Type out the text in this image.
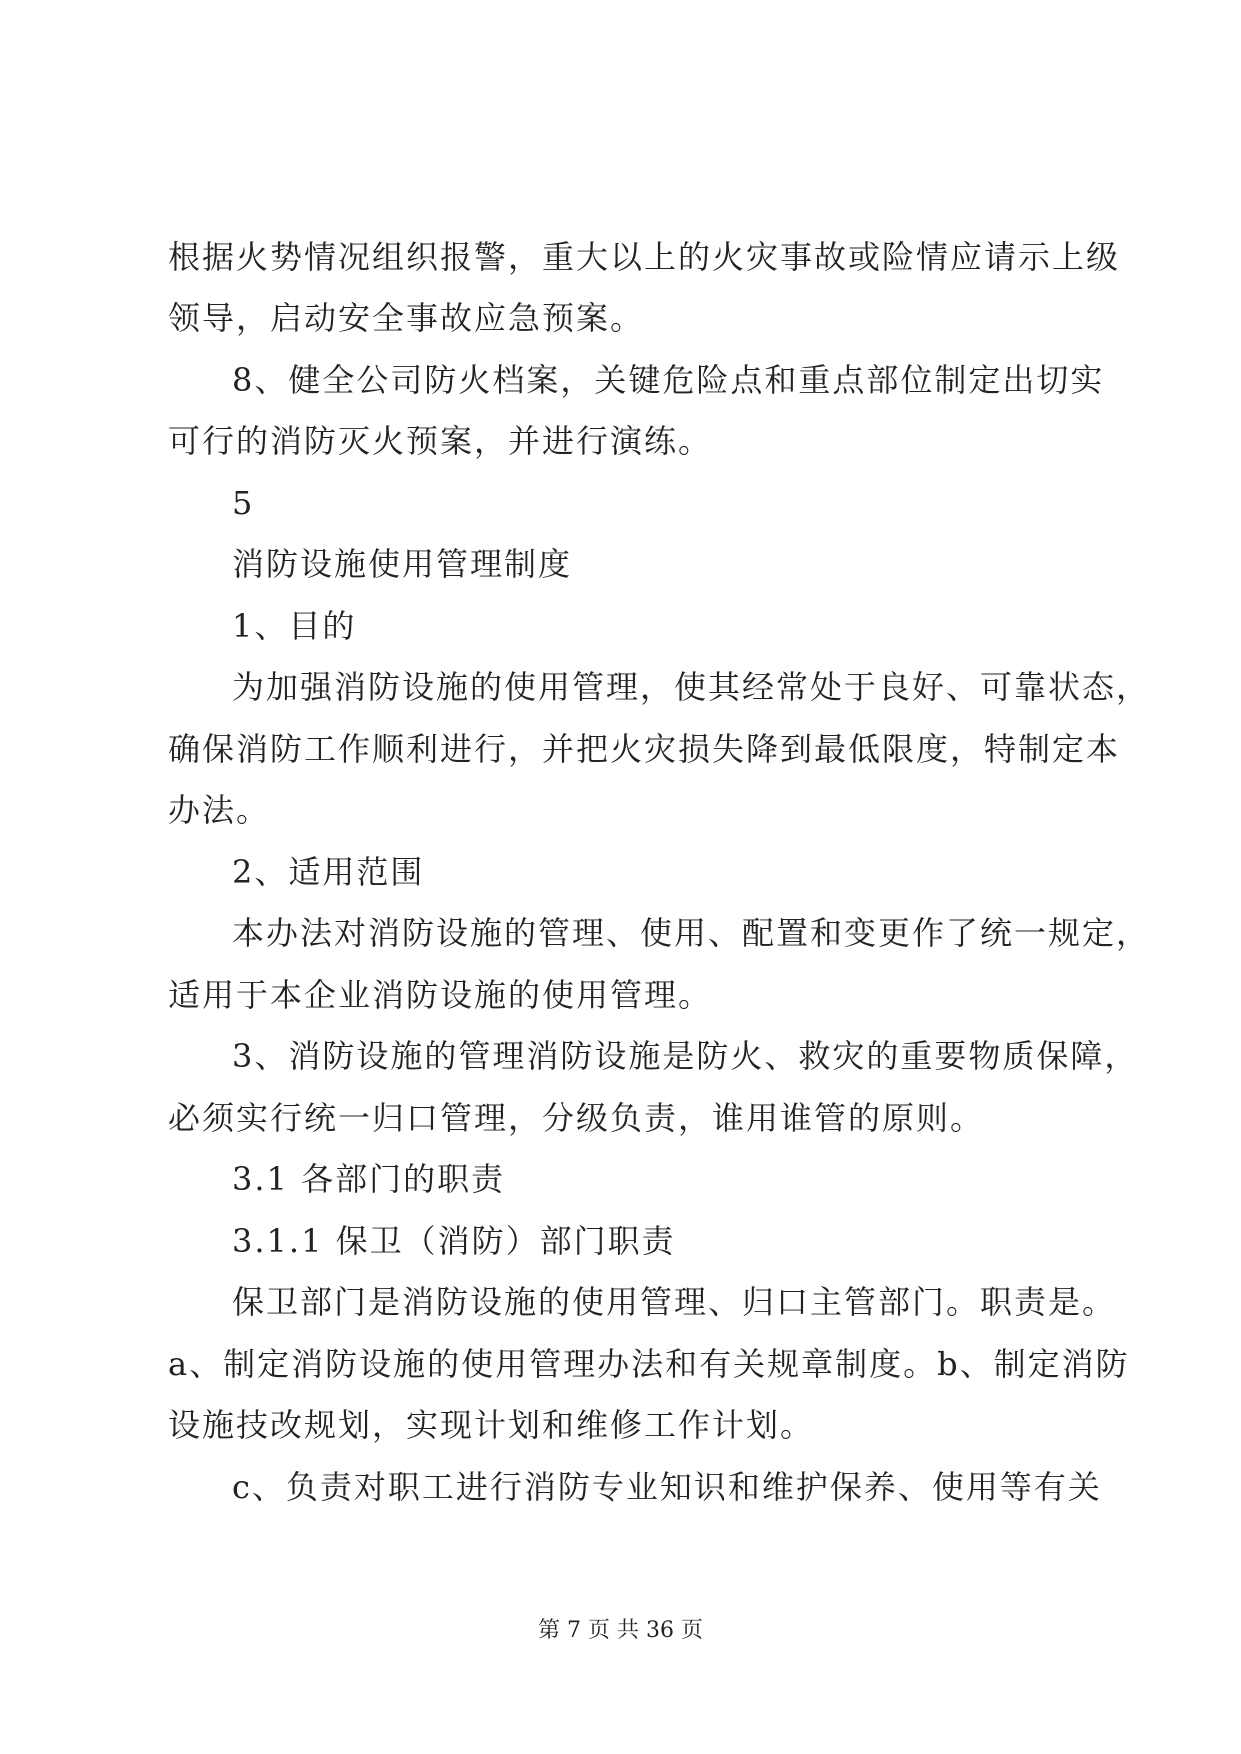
根据火势情况组织报警，重大以上的火灾事故或险情应请示上级
领导，启动安全事故应急预案。
8、健全公司防火档案，关键危险点和重点部位制定出切实
可行的消防灭火预案，并进行演练。
5
消防设施使用管理制度
1、目的
为加强消防设施的使用管理，使其经常处于良好、可靠状态，
确保消防工作顺利进行，并把火灾损失降到最低限度，特制定本
办法。
2、适用范围
本办法对消防设施的管理、使用、配置和变更作了统一规定，
适用于本企业消防设施的使用管理。
3、消防设施的管理消防设施是防火、救灾的重要物质保障，
必须实行统一归口管理，分级负责，谁用谁管的原则。
3.1 各部门的职责
3.1.1 保卫（消防）部门职责
保卫部门是消防设施的使用管理、归口主管部门。职责是。
a、制定消防设施的使用管理办法和有关规章制度。b、制定消防
设施技改规划，实现计划和维修工作计划。
c、负责对职工进行消防专业知识和维护保养、使用等有关
第 7 页 共 36 页
